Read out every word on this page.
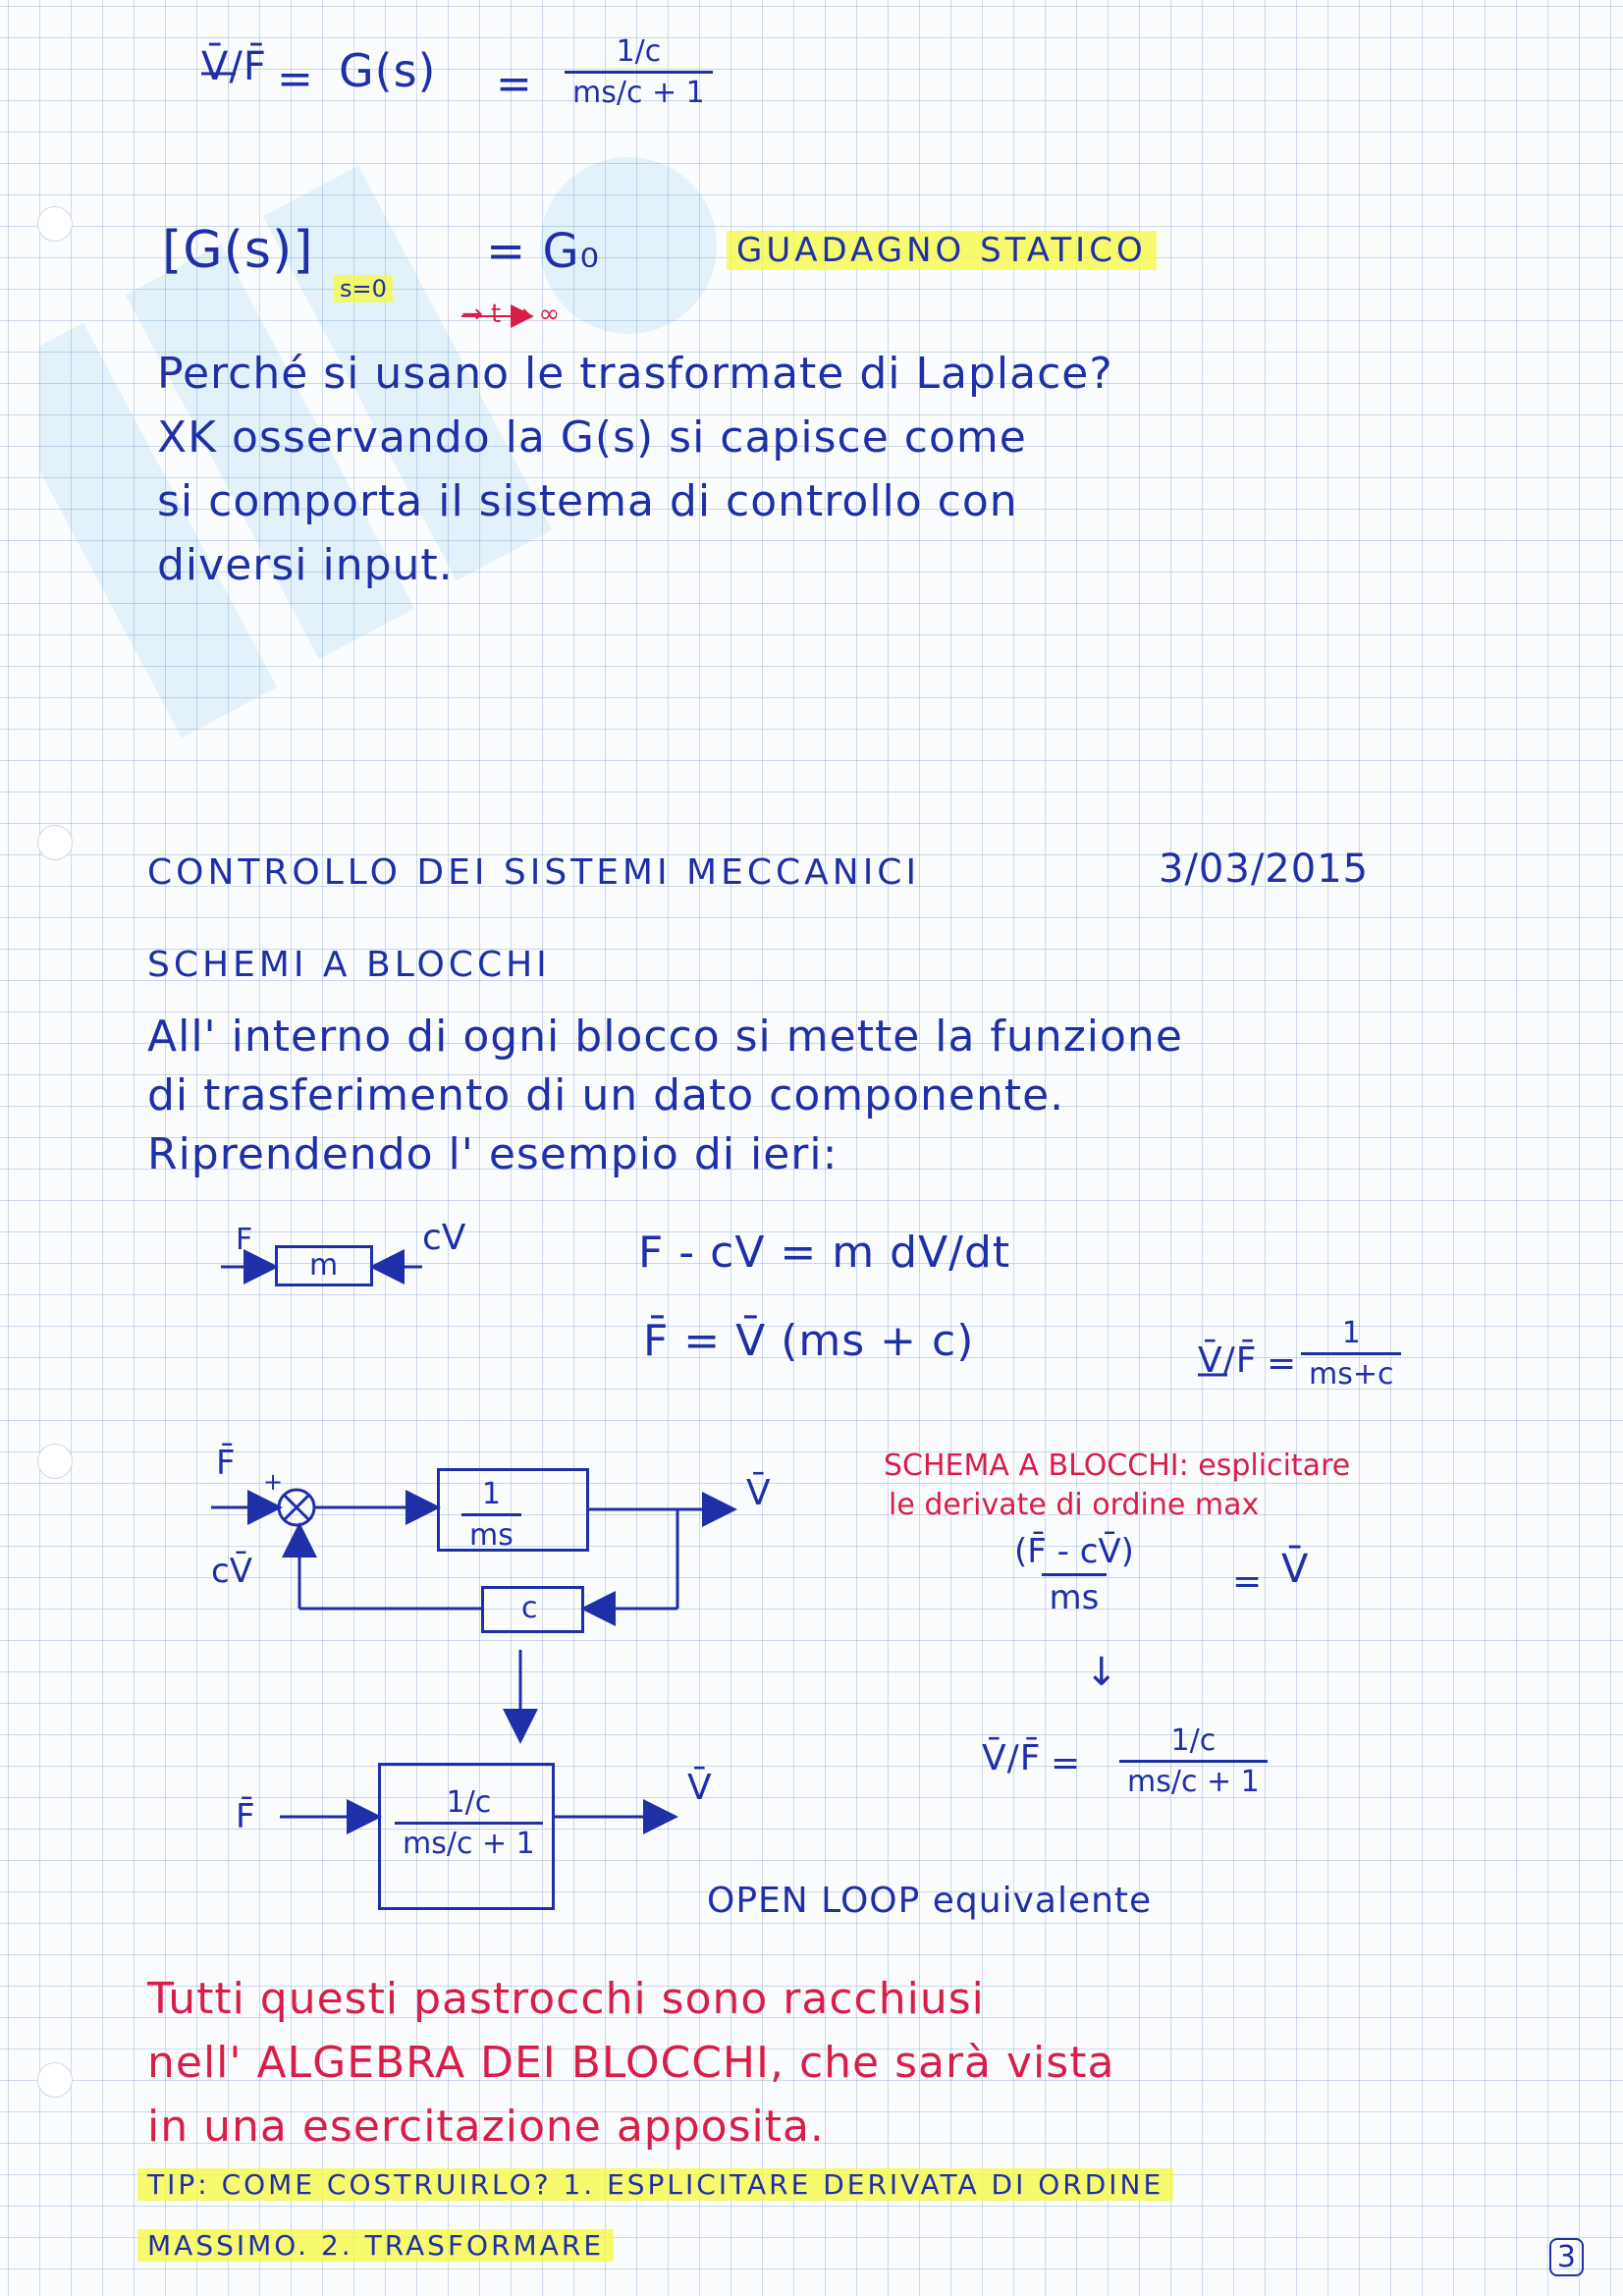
V̄/F̄ = $G(s) = \frac{1/c}{ms/c + 1}$
[G(s)]
s=0
= G₀	GUADAGNO STATICO
→ t → ∞
Perché si usano le trasformate di Laplace?
XK osservando la G(s) si capisce come
si comporta il sistema di controllo con
diversi input.
CONTROLLO DEI SISTEMI MECCANICI	3/03/2015
SCHEMI A BLOCCHI
All' interno di ogni blocco si mette la funzione
di trasferimento di un dato componente.
Riprendendo l' esempio di ieri:
F
m
cV	F - cV = m dV/dt
F̄ = V̄ (ms + c)	V̄/F̄ = $\frac{1}{ms+c}$
F̄ +
-
cV̄
$\frac{1}{ms}$
c
V̄
SCHEMA A BLOCCHI: esplicitare
le derivate di ordine max
$\frac{(F̄ - cV̄)}{ms}$	= V̄
↓
V̄/F̄ = $\frac{1/c}{ms/c + 1}$
F̄	$\frac{1/c}{ms/c + 1}$	V̄
OPEN LOOP equivalente
Tutti questi pastrocchi sono racchiusi
nell' ALGEBRA DEI BLOCCHI, che sarà vista
in una esercitazione apposita.
TIP: COME COSTRUIRLO? 1. ESPLICITARE DERIVATA DI ORDINE
MASSIMO. 2. TRASFORMARE	3
